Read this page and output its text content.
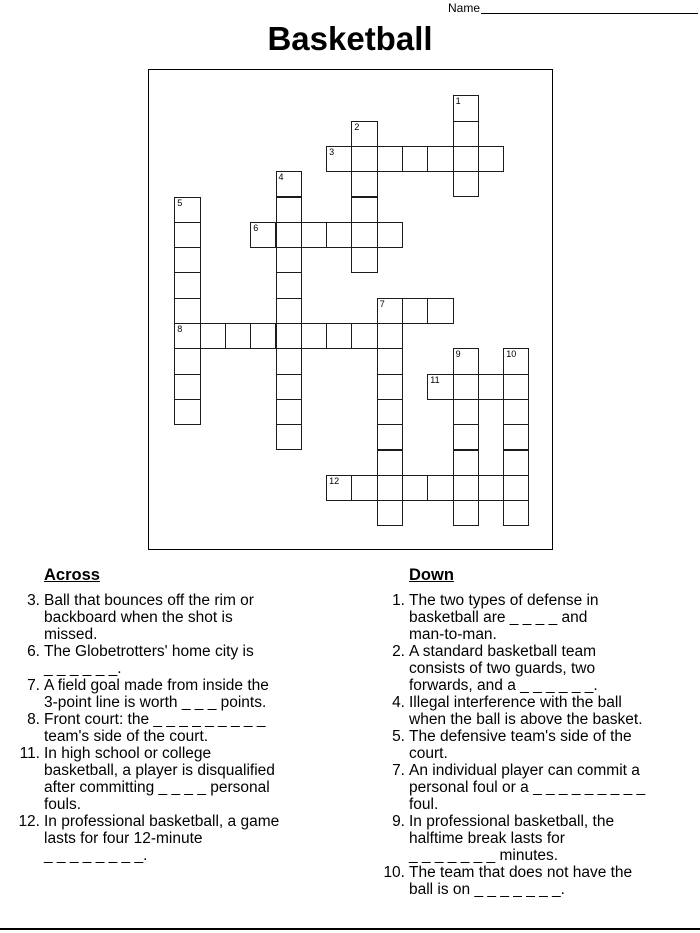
Name
Basketball
1
2
3
4
5
8
6
7
9	10
11
12
Across
3. Ball that bounces off the rim or
backboard when the shot is
missed.
6. The Globetrotters' home city is
_ _ _ _ _ _.
7. A field goal made from inside the
3-point line is worth _ _ _ points.
8. Front court: the _ _ _ _ _ _ _ _ _
team's side of the court.
11. In high school or college
basketball, a player is disqualified
after committing _ _ _ _ personal
fouls.
12. In professional basketball, a game
lasts for four 12-minute
_ _ _ _ _ _ _ _.
Down
1. The two types of defense in
basketball are _ _ _ _ and
man-to-man.
2. A standard basketball team
consists of two guards, two
forwards, and a _ _ _ _ _ _.
4. Illegal interference with the ball
when the ball is above the basket.
5. The defensive team's side of the
court.
7. An individual player can commit a
personal foul or a _ _ _ _ _ _ _ _ _
foul.
9. In professional basketball, the
halftime break lasts for
_ _ _ _ _ _ _ minutes.
10. The team that does not have the
ball is on _ _ _ _ _ _ _.
